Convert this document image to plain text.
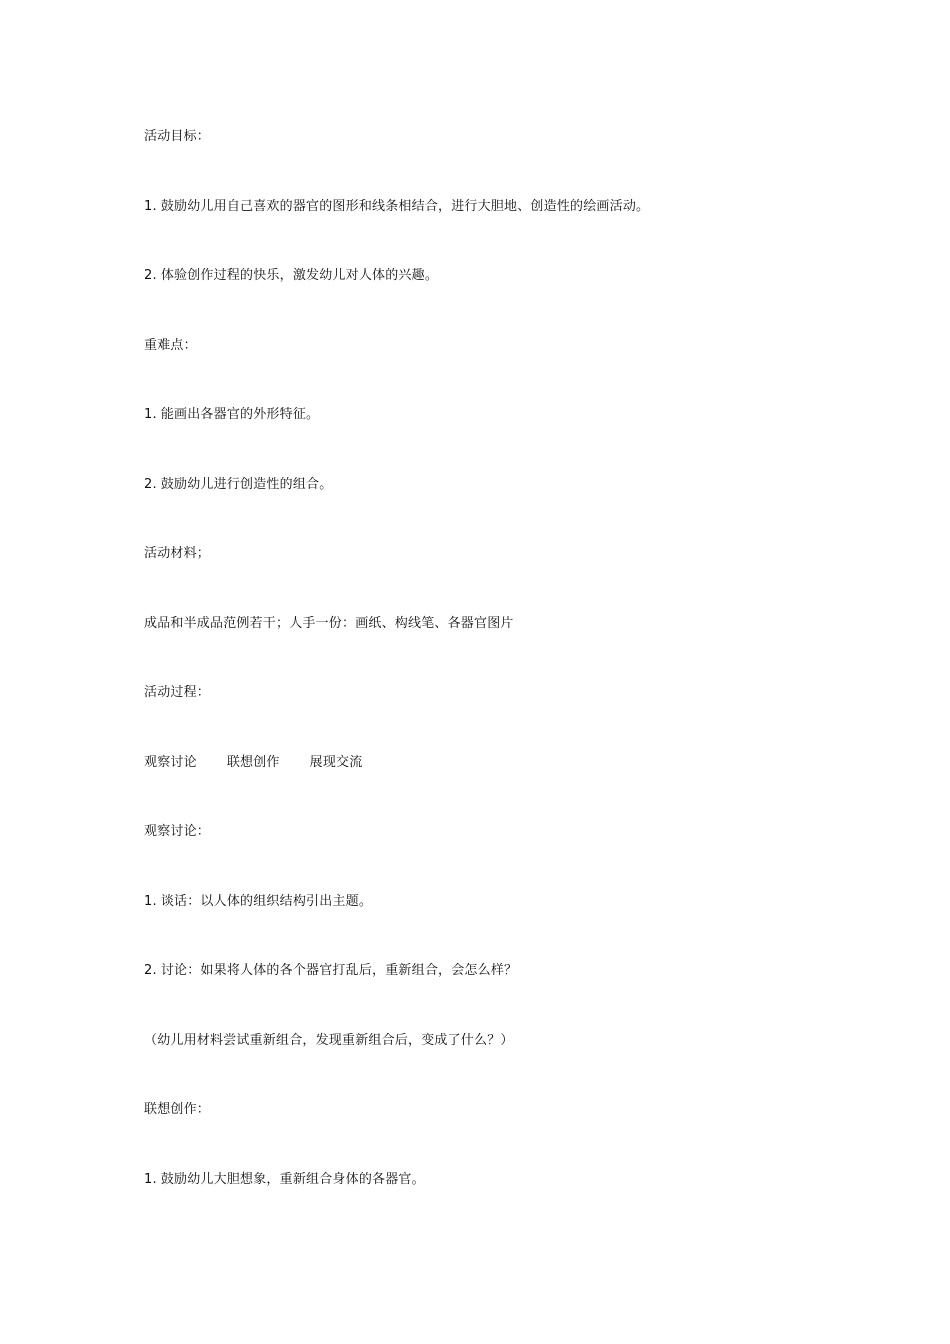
活动目标：
1. 鼓励幼儿用自己喜欢的器官的图形和线条相结合，进行大胆地、创造性的绘画活动。
2. 体验创作过程的快乐，激发幼儿对人体的兴趣。
重难点：
1. 能画出各器官的外形特征。
2. 鼓励幼儿进行创造性的组合。
活动材料；
成品和半成品范例若干；人手一份：画纸、构线笔、各器官图片
活动过程：
观察讨论 联想创作 展现交流
观察讨论：
1. 谈话：以人体的组织结构引出主题。
2. 讨论：如果将人体的各个器官打乱后，重新组合，会怎么样？
（幼儿用材料尝试重新组合，发现重新组合后，变成了什么？）
联想创作：
1. 鼓励幼儿大胆想象，重新组合身体的各器官。
